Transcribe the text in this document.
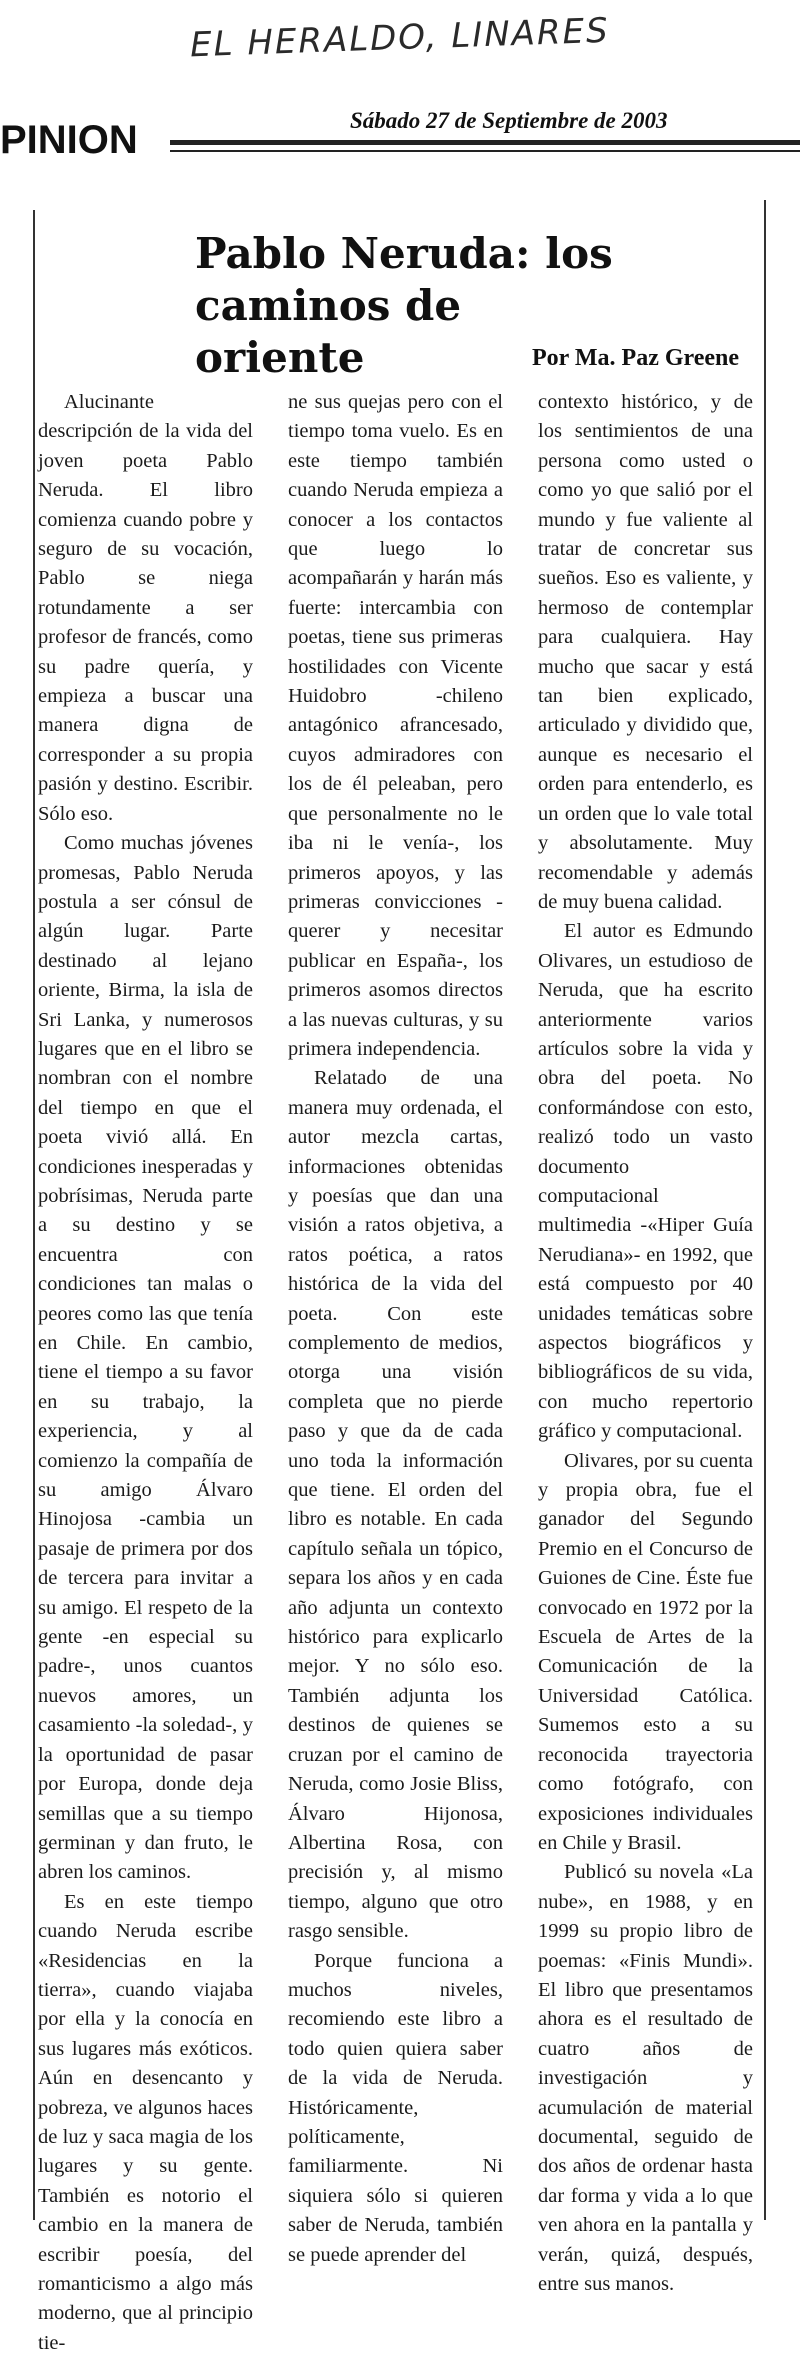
EL HERALDO, LINARES
PINION	Sábado 27 de Septiembre de 2003
Pablo Neruda: los caminos de oriente	Por Ma. Paz Greene

Alucinante descripción de la vida del joven poeta Pablo Neruda. El libro comienza cuando pobre y seguro de su vocación, Pablo se niega rotundamente a ser profesor de francés, como su padre quería, y empieza a buscar una manera digna de corresponder a su propia pasión y destino. Escribir. Sólo eso.

Como muchas jóvenes promesas, Pablo Neruda postula a ser cónsul de algún lugar. Parte destinado al lejano oriente, Birma, la isla de Sri Lanka, y numerosos lugares que en el libro se nombran con el nombre del tiempo en que el poeta vivió allá. En condiciones inesperadas y pobrísimas, Neruda parte a su destino y se encuentra con condiciones tan malas o peores como las que tenía en Chile. En cambio, tiene el tiempo a su favor en su trabajo, la experiencia, y al comienzo la compañía de su amigo Álvaro Hinojosa -cambia un pasaje de primera por dos de tercera para invitar a su amigo. El respeto de la gente -en especial su padre-, unos cuantos nuevos amores, un casamiento -la soledad-, y la oportunidad de pasar por Europa, donde deja semillas que a su tiempo germinan y dan fruto, le abren los caminos.

Es en este tiempo cuando Neruda escribe «Residencias en la tierra», cuando viajaba por ella y la conocía en sus lugares más exóticos. Aún en desencanto y pobreza, ve algunos haces de luz y saca magia de los lugares y su gente. También es notorio el cambio en la manera de escribir poesía, del romanticismo a algo más moderno, que al principio tie-

ne sus quejas pero con el tiempo toma vuelo. Es en este tiempo también cuando Neruda empieza a conocer a los contactos que luego lo acompañarán y harán más fuerte: intercambia con poetas, tiene sus primeras hostilidades con Vicente Huidobro -chileno antagónico afrancesado, cuyos admiradores con los de él peleaban, pero que personalmente no le iba ni le venía-, los primeros apoyos, y las primeras convicciones -querer y necesitar publicar en España-, los primeros asomos directos a las nuevas culturas, y su primera independencia.

Relatado de una manera muy ordenada, el autor mezcla cartas, informaciones obtenidas y poesías que dan una visión a ratos objetiva, a ratos poética, a ratos histórica de la vida del poeta. Con este complemento de medios, otorga una visión completa que no pierde paso y que da de cada uno toda la información que tiene. El orden del libro es notable. En cada capítulo señala un tópico, separa los años y en cada año adjunta un contexto histórico para explicarlo mejor. Y no sólo eso. También adjunta los destinos de quienes se cruzan por el camino de Neruda, como Josie Bliss, Álvaro Hijonosa, Albertina Rosa, con precisión y, al mismo tiempo, alguno que otro rasgo sensible.

Porque funciona a muchos niveles, recomiendo este libro a todo quien quiera saber de la vida de Neruda. Históricamente, políticamente, familiarmente. Ni siquiera sólo si quieren saber de Neruda, también se puede aprender del

contexto histórico, y de los sentimientos de una persona como usted o como yo que salió por el mundo y fue valiente al tratar de concretar sus sueños. Eso es valiente, y hermoso de contemplar para cualquiera. Hay mucho que sacar y está tan bien explicado, articulado y dividido que, aunque es necesario el orden para entenderlo, es un orden que lo vale total y absolutamente. Muy recomendable y además de muy buena calidad.

El autor es Edmundo Olivares, un estudioso de Neruda, que ha escrito anteriormente varios artículos sobre la vida y obra del poeta. No conformándose con esto, realizó todo un vasto documento computacional multimedia -«Hiper Guía Nerudiana»- en 1992, que está compuesto por 40 unidades temáticas sobre aspectos biográficos y bibliográficos de su vida, con mucho repertorio gráfico y computacional.

Olivares, por su cuenta y propia obra, fue el ganador del Segundo Premio en el Concurso de Guiones de Cine. Éste fue convocado en 1972 por la Escuela de Artes de la Comunicación de la Universidad Católica. Sumemos esto a su reconocida trayectoria como fotógrafo, con exposiciones individuales en Chile y Brasil.

Publicó su novela «La nube», en 1988, y en 1999 su propio libro de poemas: «Finis Mundi». El libro que presentamos ahora es el resultado de cuatro años de investigación y acumulación de material documental, seguido de dos años de ordenar hasta dar forma y vida a lo que ven ahora en la pantalla y verán, quizá, después, entre sus manos.
